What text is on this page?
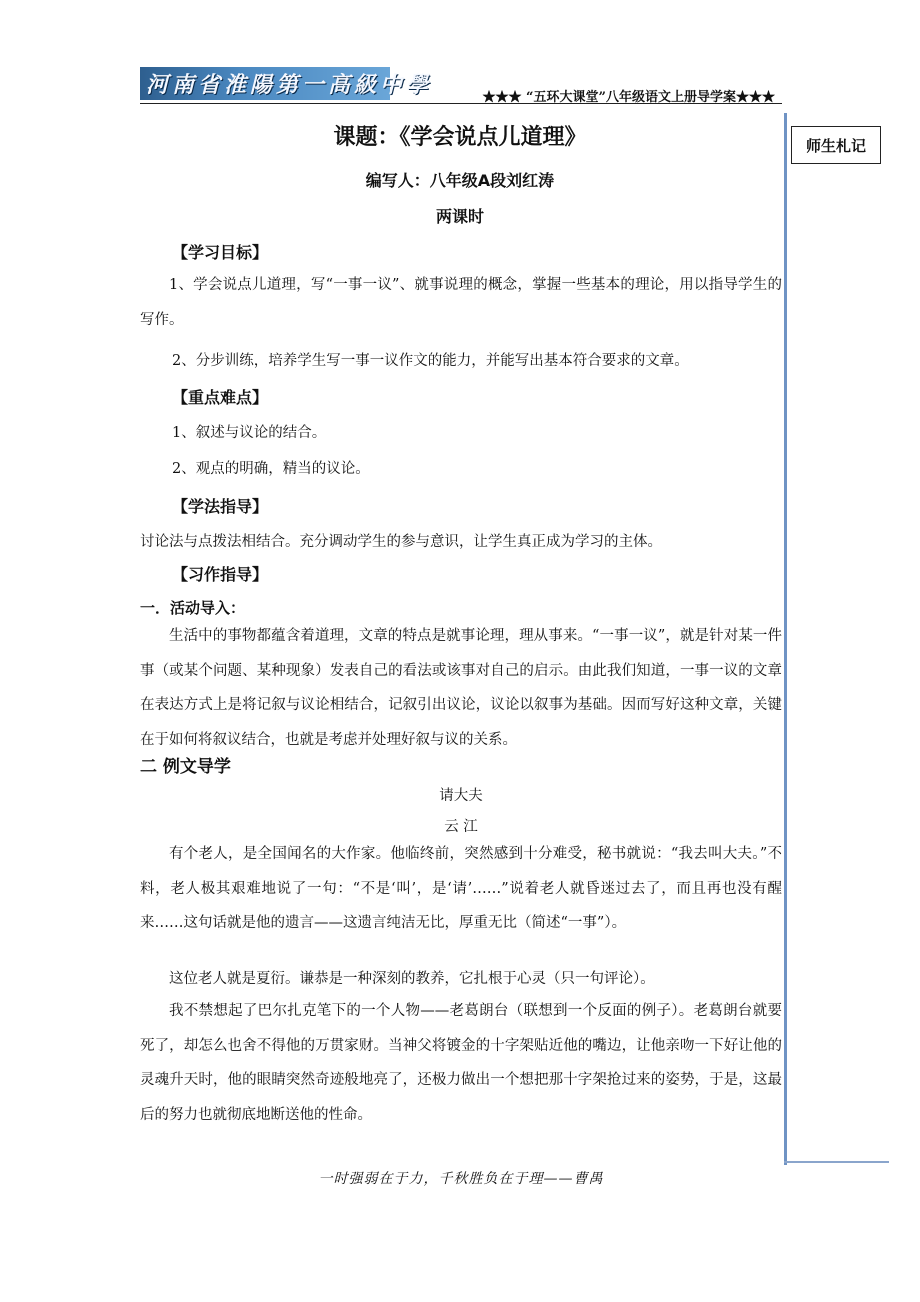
河南省淮陽第一高級中學	★★★ “五环大课堂”八年级语文上册导学案★★★
师生札记
课题：《学会说点儿道理》
编写人：八年级A段刘红涛
两课时
【学习目标】
1、学会说点儿道理，写“一事一议”、就事说理的概念，掌握一些基本的理论，用以指导学生的写作。
2、分步训练，培养学生写一事一议作文的能力，并能写出基本符合要求的文章。
【重点难点】
1、叙述与议论的结合。
2、观点的明确，精当的议论。
【学法指导】
讨论法与点拨法相结合。充分调动学生的参与意识，让学生真正成为学习的主体。
【习作指导】
一．活动导入：
生活中的事物都蕴含着道理，文章的特点是就事论理，理从事来。“一事一议”，就是针对某一件事（或某个问题、某种现象）发表自己的看法或该事对自己的启示。由此我们知道，一事一议的文章在表达方式上是将记叙与议论相结合，记叙引出议论，议论以叙事为基础。因而写好这种文章，关键在于如何将叙议结合，也就是考虑并处理好叙与议的关系。
二 例文导学
请大夫
云 江
有个老人，是全国闻名的大作家。他临终前，突然感到十分难受，秘书就说：“我去叫大夫。”不料，老人极其艰难地说了一句：“不是‘叫’，是‘请’……”说着老人就昏迷过去了，而且再也没有醒来……这句话就是他的遗言——这遗言纯洁无比，厚重无比（简述“一事”）。
这位老人就是夏衍。谦恭是一种深刻的教养，它扎根于心灵（只一句评论）。
我不禁想起了巴尔扎克笔下的一个人物——老葛朗台（联想到一个反面的例子）。老葛朗台就要死了，却怎么也舍不得他的万贯家财。当神父将镀金的十字架贴近他的嘴边，让他亲吻一下好让他的灵魂升天时，他的眼睛突然奇迹般地亮了，还极力做出一个想把那十字架抢过来的姿势，于是，这最后的努力也就彻底地断送他的性命。
一时强弱在于力，千秋胜负在于理——曹禺
